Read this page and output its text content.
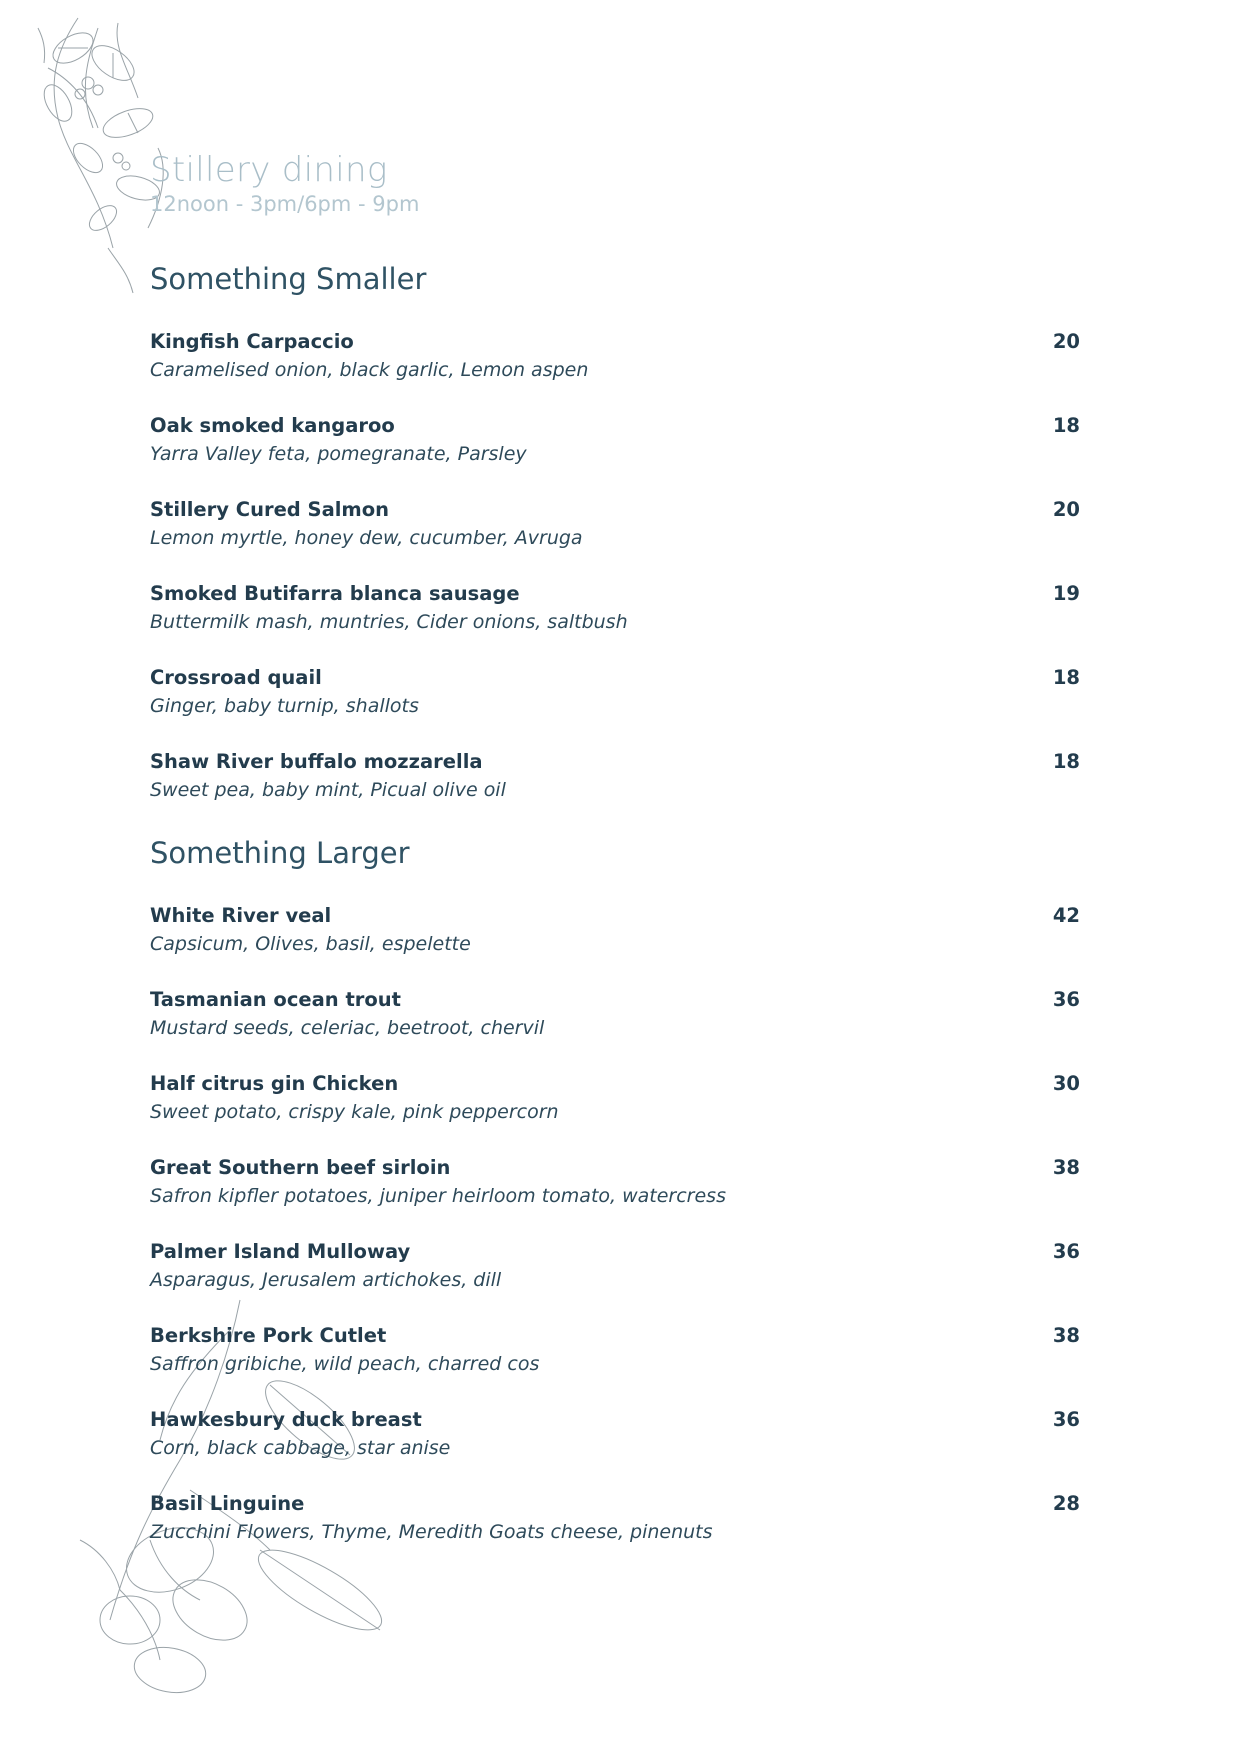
Stillery dining
12noon - 3pm/6pm - 9pm
Something Smaller
Kingfish Carpaccio
Caramelised onion, black garlic, Lemon aspen
20
Oak smoked kangaroo
Yarra Valley feta, pomegranate, Parsley
18
Stillery Cured Salmon
Lemon myrtle, honey dew, cucumber, Avruga
20
Smoked Butifarra blanca sausage
Buttermilk mash, muntries, Cider onions, saltbush
19
Crossroad quail
Ginger, baby turnip, shallots
18
Shaw River buffalo mozzarella
Sweet pea, baby mint, Picual olive oil
18
Something Larger
White River veal
Capsicum, Olives, basil, espelette
42
Tasmanian ocean trout
Mustard seeds, celeriac, beetroot, chervil
36
Half citrus gin Chicken
Sweet potato, crispy kale, pink peppercorn
30
Great Southern beef sirloin
Safron kipfler potatoes, juniper heirloom tomato, watercress
38
Palmer Island Mulloway
Asparagus, Jerusalem artichokes, dill
36
Berkshire Pork Cutlet
Saffron gribiche, wild peach, charred cos
38
Hawkesbury duck breast
Corn, black cabbage, star anise
36
Basil Linguine
Zucchini Flowers, Thyme, Meredith Goats cheese, pinenuts
28
